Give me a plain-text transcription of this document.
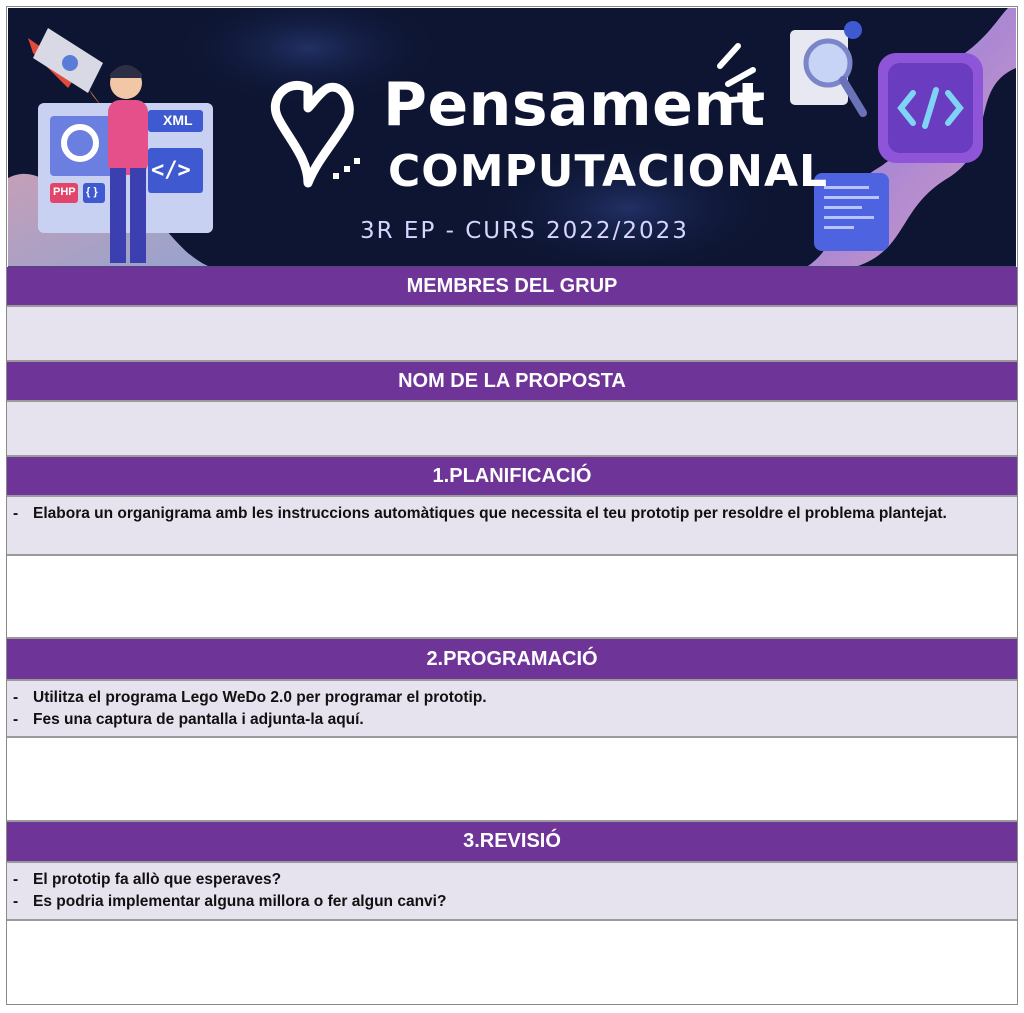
XML
PHP { }
</>
Pensament
COMPUTACIONAL
3R EP - CURS 2022/2023
MEMBRES DEL GRUP
NOM DE LA PROPOSTA
1.PLANIFICACIÓ
- Elabora un organigrama amb les instruccions automàtiques que necessita el teu prototip per resoldre el problema plantejat.
2.PROGRAMACIÓ
- Utilitza el programa Lego WeDo 2.0 per programar el prototip.
- Fes una captura de pantalla i adjunta-la aquí.
3.REVISIÓ
- El prototip fa allò que esperaves?
- Es podria implementar alguna millora o fer algun canvi?
